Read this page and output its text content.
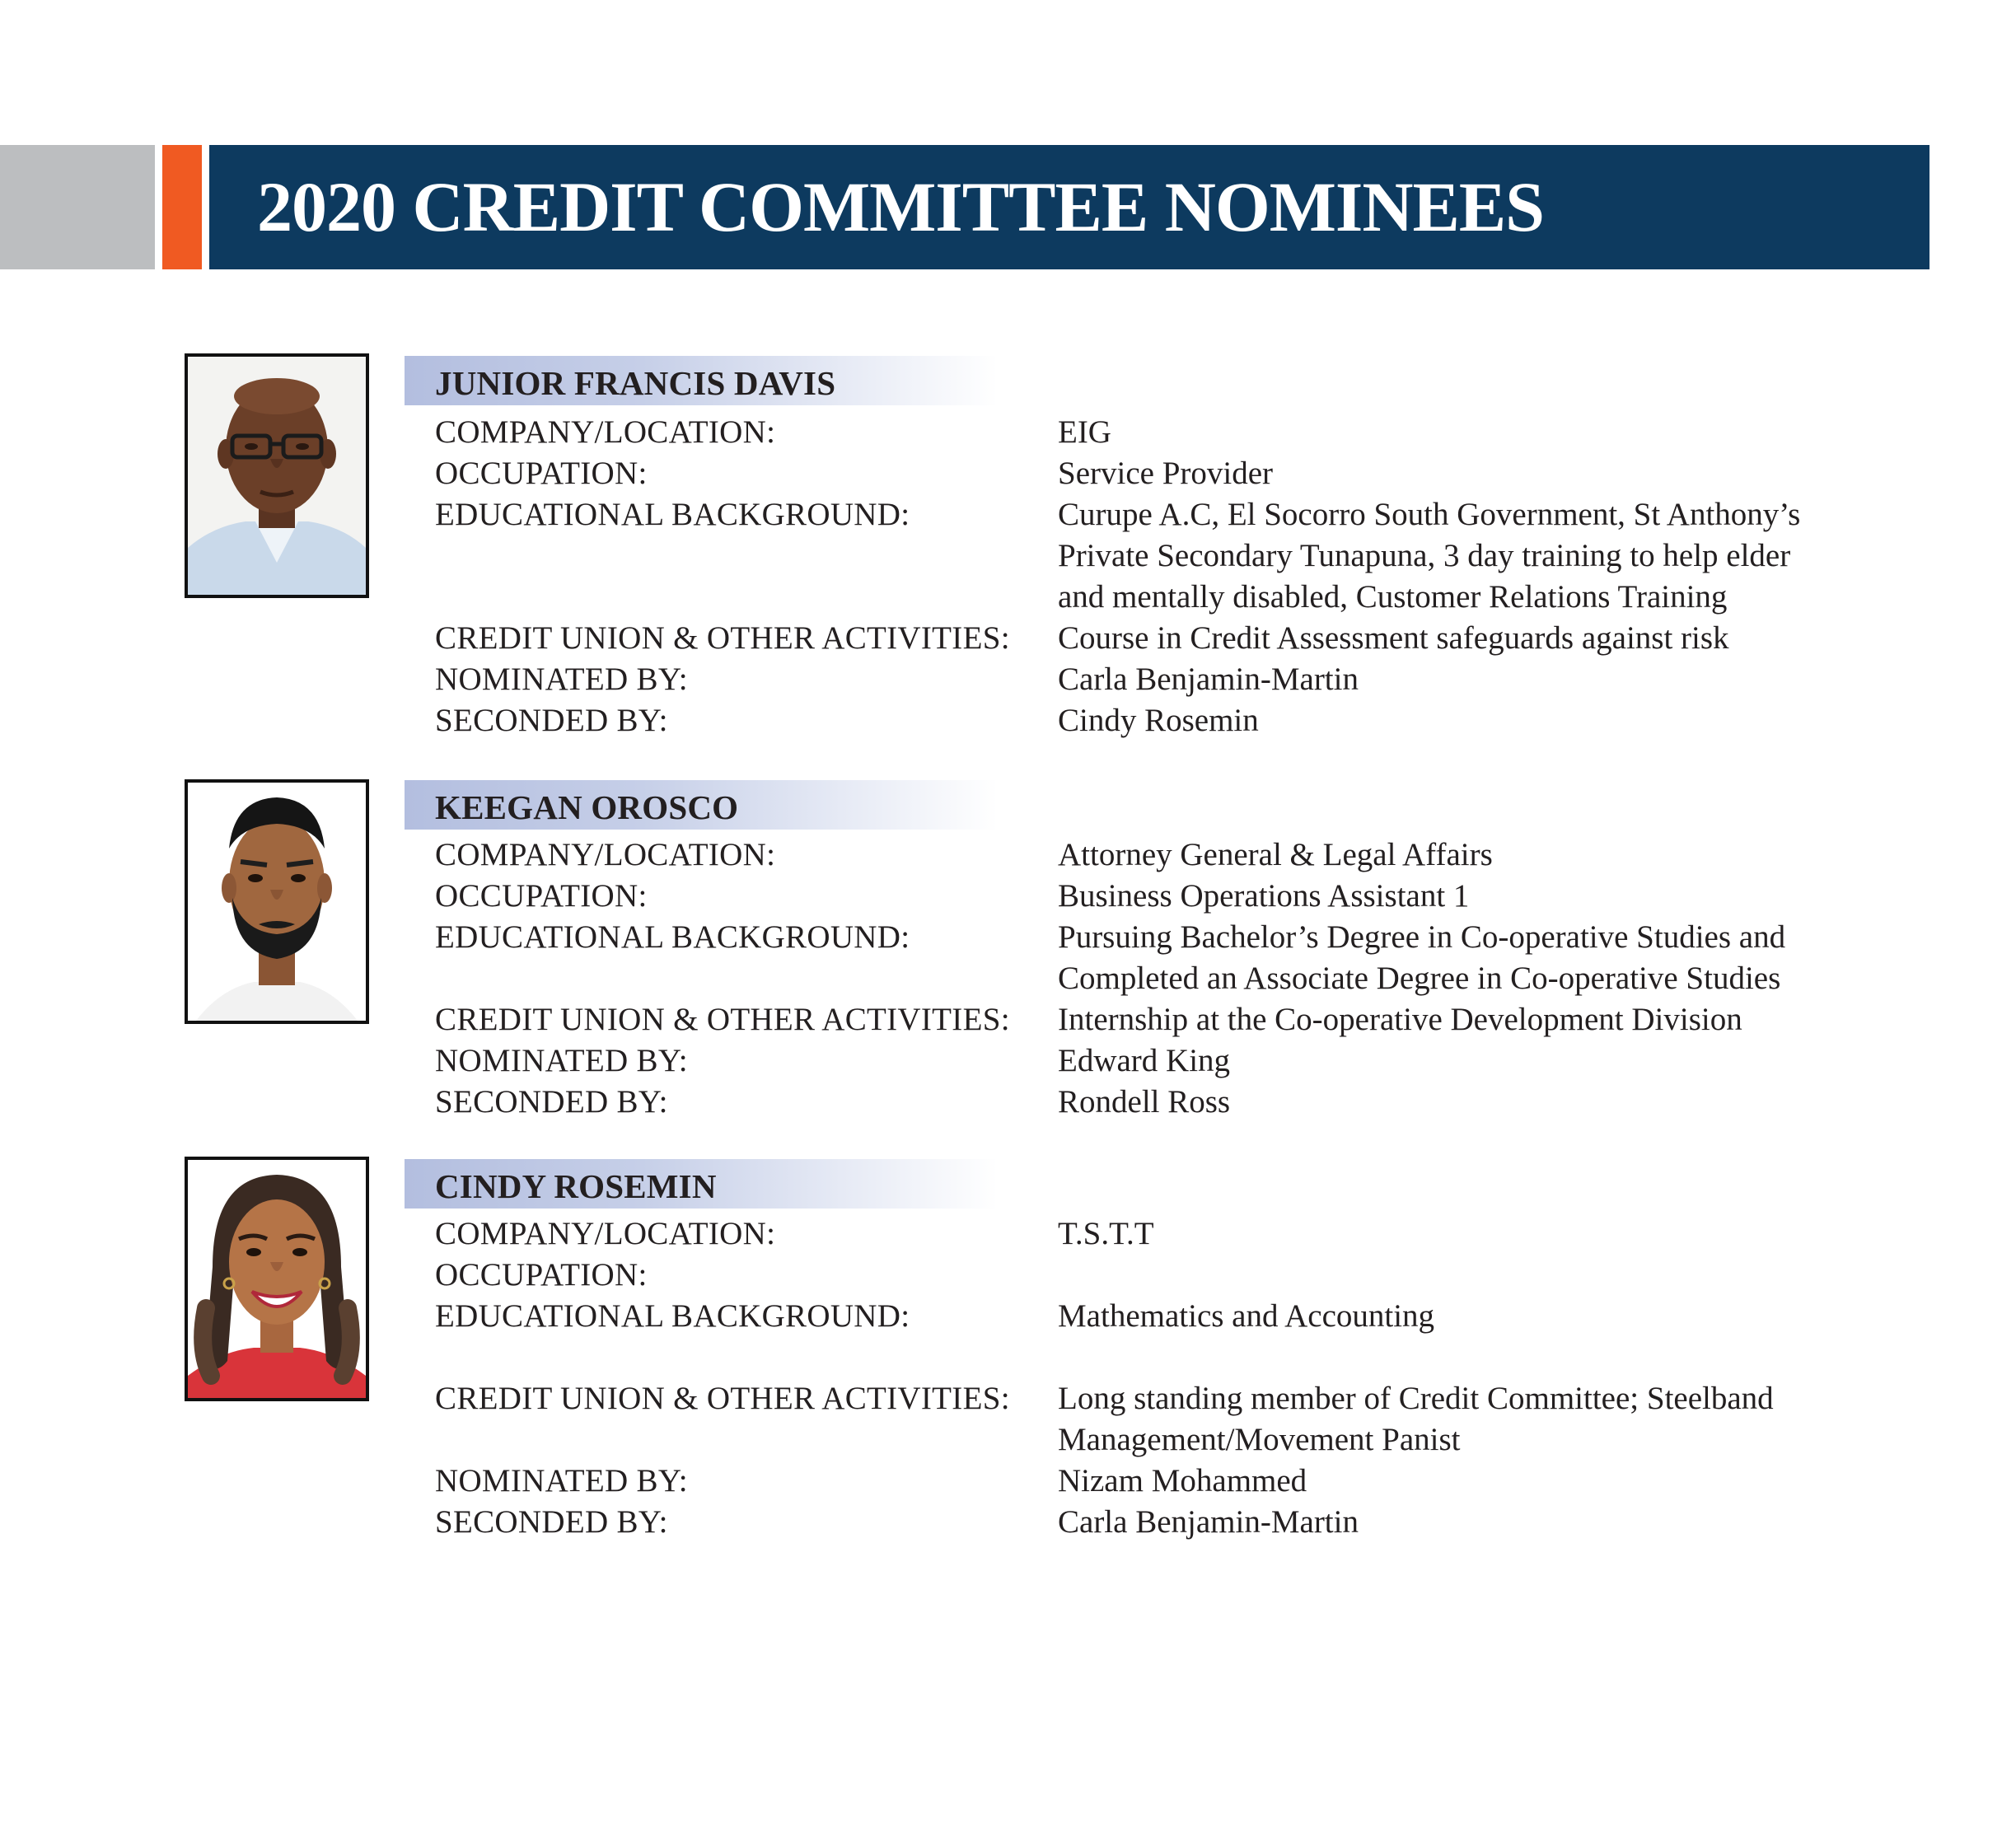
2020 CREDIT COMMITTEE NOMINEES
JUNIOR FRANCIS DAVIS
COMPANY/LOCATION:	EIG
OCCUPATION:	Service Provider
EDUCATIONAL BACKGROUND:	Curupe A.C, El Socorro South Government, St Anthony’s
Private Secondary Tunapuna, 3 day training to help elder
and mentally disabled, Customer Relations Training
CREDIT UNION & OTHER ACTIVITIES: Course in Credit Assessment safeguards against risk
NOMINATED BY:	Carla Benjamin-Martin
SECONDED BY:	Cindy Rosemin
KEEGAN OROSCO
COMPANY/LOCATION:	Attorney General & Legal Affairs
OCCUPATION:	Business Operations Assistant 1
EDUCATIONAL BACKGROUND:	Pursuing Bachelor’s Degree in Co-operative Studies and
Completed an Associate Degree in Co-operative Studies
CREDIT UNION & OTHER ACTIVITIES: Internship at the Co-operative Development Division
NOMINATED BY:	Edward King
SECONDED BY:	Rondell Ross
CINDY ROSEMIN
COMPANY/LOCATION:	T.S.T.T
OCCUPATION:
EDUCATIONAL BACKGROUND:	Mathematics and Accounting
CREDIT UNION & OTHER ACTIVITIES: Long standing member of Credit Committee; Steelband
Management/Movement Panist
NOMINATED BY:	Nizam Mohammed
SECONDED BY:	Carla Benjamin-Martin
